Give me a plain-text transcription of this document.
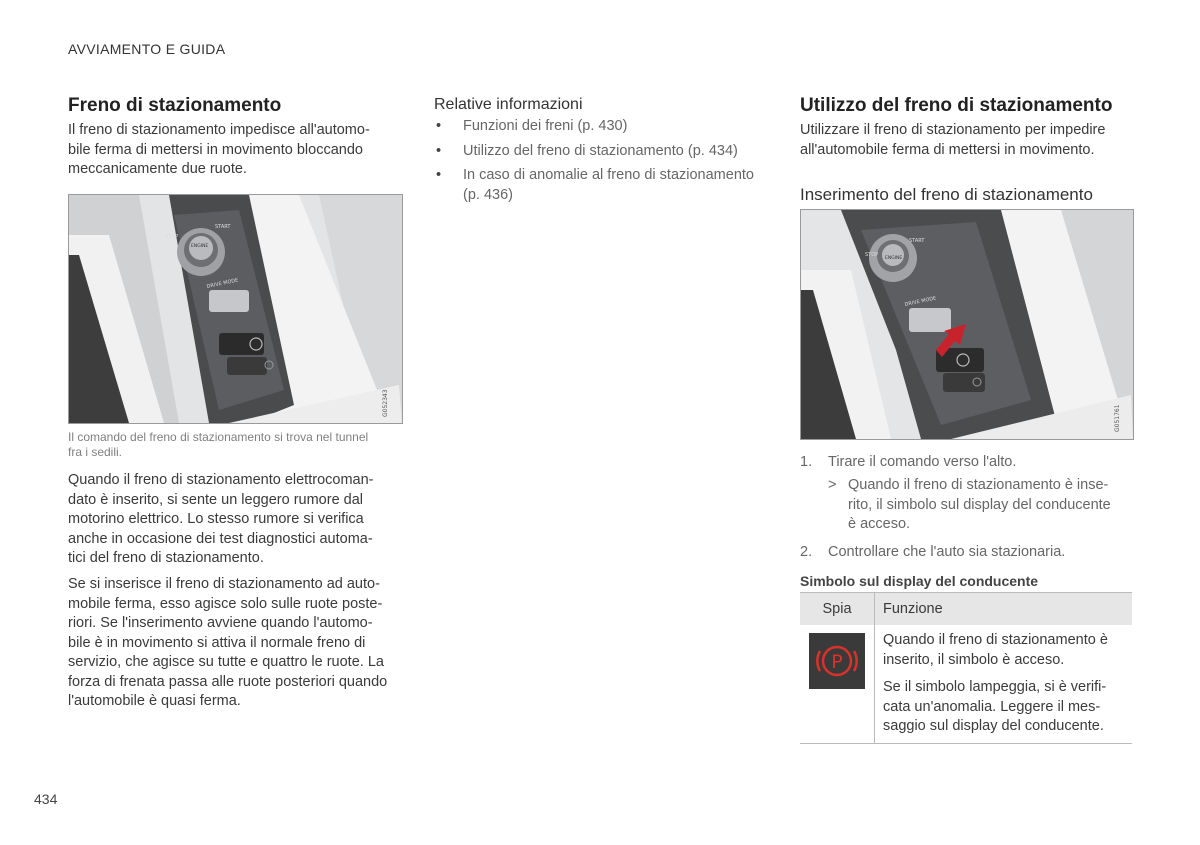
AVVIAMENTO E GUIDA
Freno di stazionamento
Il freno di stazionamento impedisce all'automo-
bile ferma di mettersi in movimento bloccando
meccanicamente due ruote.
STOP
START
ENGINE
DRIVE MODE
G052343
Il comando del freno di stazionamento si trova nel tunnel
fra i sedili.
Quando il freno di stazionamento elettrocoman-
dato è inserito, si sente un leggero rumore dal
motorino elettrico. Lo stesso rumore si verifica
anche in occasione dei test diagnostici automa-
tici del freno di stazionamento.
Se si inserisce il freno di stazionamento ad auto-
mobile ferma, esso agisce solo sulle ruote poste-
riori. Se l'inserimento avviene quando l'automo-
bile è in movimento si attiva il normale freno di
servizio, che agisce su tutte e quattro le ruote. La
forza di frenata passa alle ruote posteriori quando
l'automobile è quasi ferma.
Relative informazioni
• Funzioni dei freni (p. 430)
• Utilizzo del freno di stazionamento (p. 434)
• In caso di anomalie al freno di stazionamento
(p. 436)
Utilizzo del freno di stazionamento
Utilizzare il freno di stazionamento per impedire
all'automobile ferma di mettersi in movimento.
Inserimento del freno di stazionamento
STOP
START
ENGINE
DRIVE MODE
G051761
1. Tirare il comando verso l'alto.
> Quando il freno di stazionamento è inse-
rito, il simbolo sul display del conducente
è acceso.
2. Controllare che l'auto sia stazionaria.
Simbolo sul display del conducente
Spia	Funzione

P	Quando il freno di stazionamento è
inserito, il simbolo è acceso.
Se il simbolo lampeggia, si è verifi-
cata un'anomalia. Leggere il mes-
saggio sul display del conducente.
434
